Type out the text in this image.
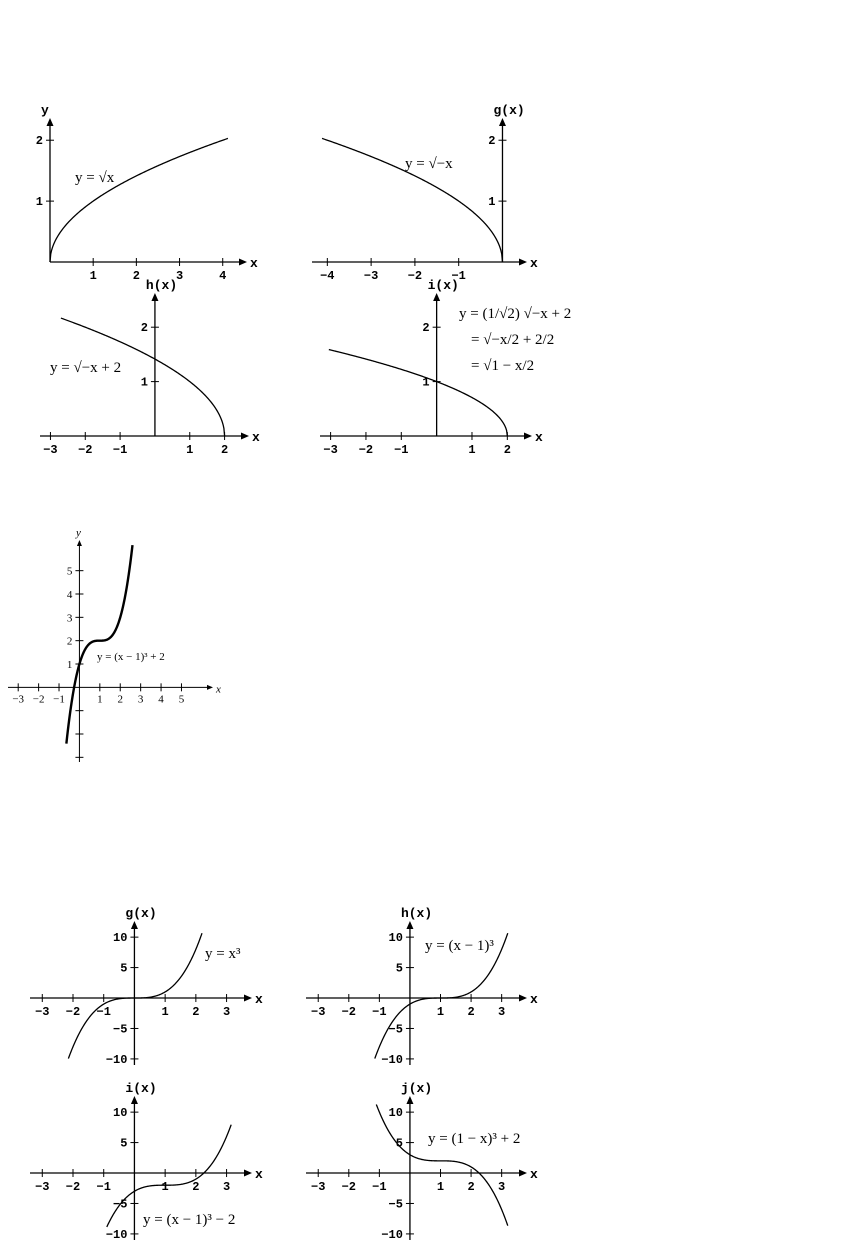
x
y
1	2	3	4
1
2
y = √x
x
g(x)
−4 −3 −2 −1
1
2
y = √−x
x
h(x)
−3 −2 −1	1 2
1
2
y = √−x + 2
x
i(x)
−3 −2 −1	1 2
1
2
y = (1/√2) √−x + 2
= √−x/2 + 2/2
= √1 − x/2
x
y
−3 −2 −1	1 2 3 4 5
1
2
3
4
5
y = (x − 1)³ + 2
x
g(x)
−3 −2 −1	1 2 3
10
5
−5
−10
y = x³
x
h(x)
−3 −2 −1	1 2 3
10
5
−5
−10
y = (x − 1)³
x
i(x)
−3 −2 −1	1 2 3
10
5
−5
−10
y = (x − 1)³ − 2
x
j(x)
−3 −2 −1	1 2 3
10
5
−5
−10
y = (1 − x)³ + 2
